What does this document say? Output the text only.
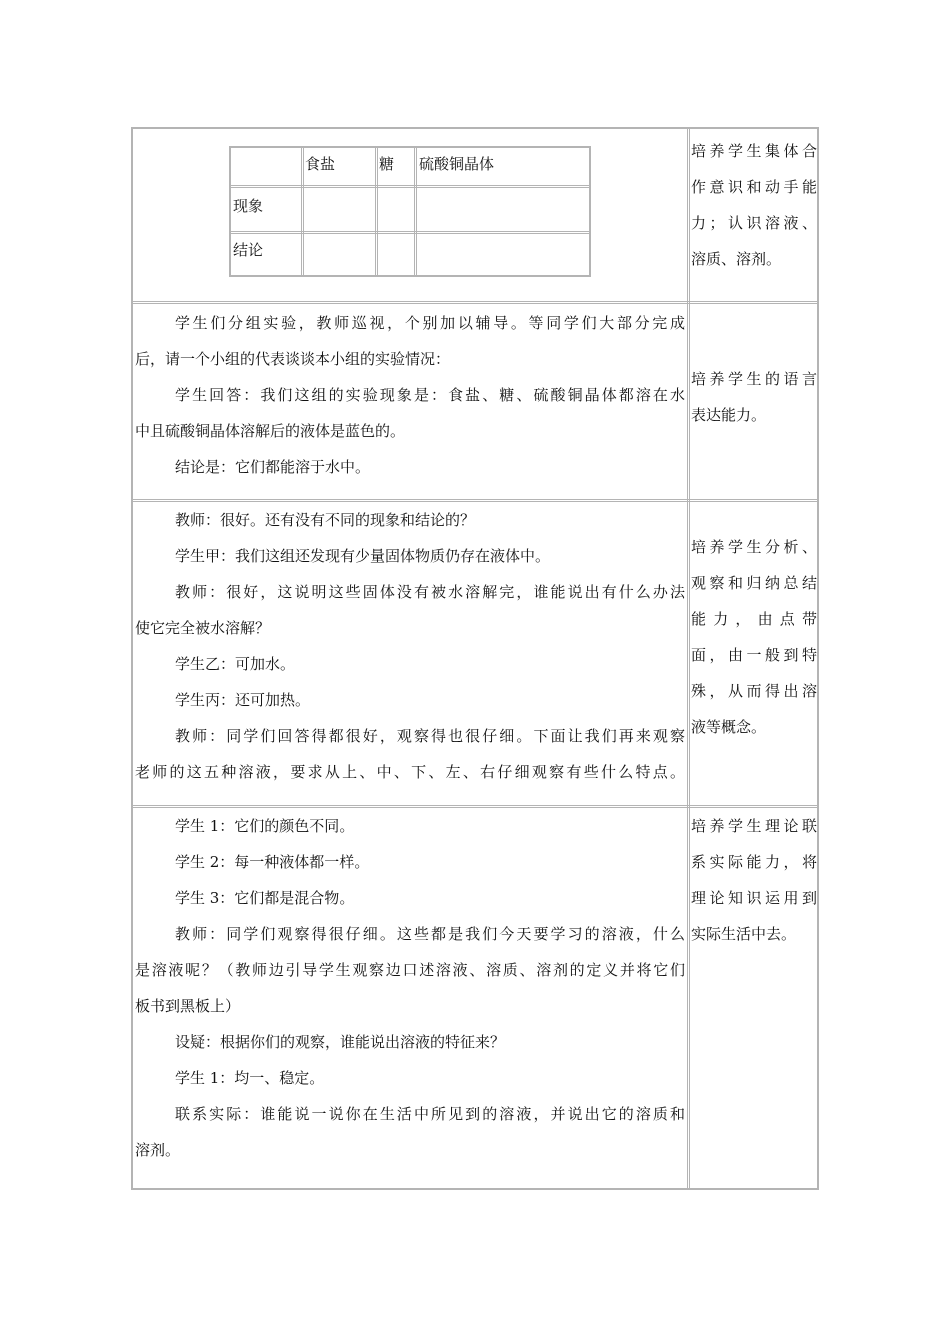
食盐	糖 硫酸铜晶体
现象
结论

培养学生集体合

作意识和动手能

力；认识溶液、

溶质、溶剂。

学生们分组实验，教师巡视，个别加以辅导。等同学们大部分完成

后，请一个小组的代表谈谈本小组的实验情况：

学生回答：我们这组的实验现象是：食盐、糖、硫酸铜晶体都溶在水

中且硫酸铜晶体溶解后的液体是蓝色的。

结论是：它们都能溶于水中。

培养学生的语言

表达能力。

教师：很好。还有没有不同的现象和结论的？

学生甲：我们这组还发现有少量固体物质仍存在液体中。

教师：很好，这说明这些固体没有被水溶解完，谁能说出有什么办法

使它完全被水溶解？

学生乙：可加水。

学生丙：还可加热。

教师：同学们回答得都很好，观察得也很仔细。下面让我们再来观察

老师的这五种溶液，要求从上、中、下、左、右仔细观察有些什么特点。

培养学生分析、

观察和归纳总结

能 力 ， 由 点 带

面，由一般到特

殊，从而得出溶

液等概念。

学生 1：它们的颜色不同。

学生 2：每一种液体都一样。

学生 3：它们都是混合物。

教师：同学们观察得很仔细。这些都是我们今天要学习的溶液，什么

是溶液呢？（教师边引导学生观察边口述溶液、溶质、溶剂的定义并将它们

板书到黑板上）

设疑：根据你们的观察，谁能说出溶液的特征来？

学生 1：均一、稳定。

联系实际：谁能说一说你在生活中所见到的溶液，并说出它的溶质和

溶剂。

培养学生理论联

系实际能力，将

理论知识运用到

实际生活中去。
